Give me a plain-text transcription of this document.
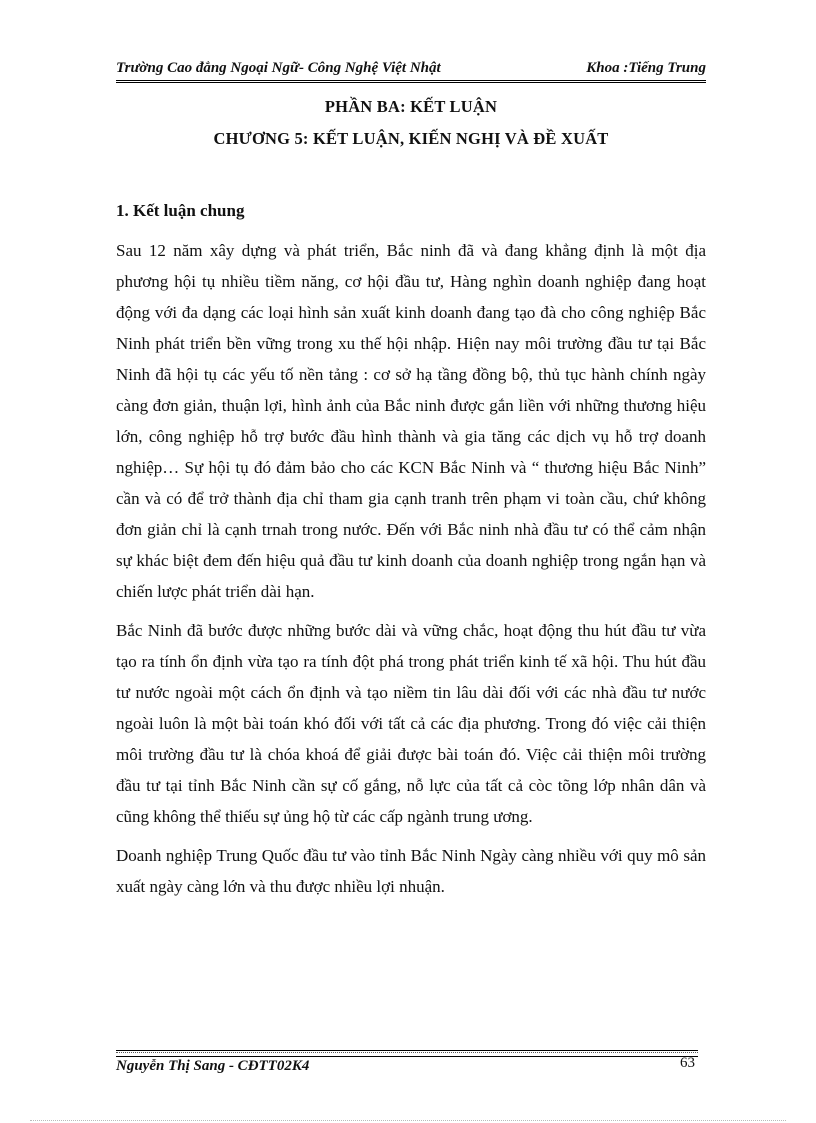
Trường Cao đẳng Ngoại Ngữ- Công Nghệ Việt Nhật	Khoa :Tiếng Trung
PHẦN BA: KẾT LUẬN
CHƯƠNG 5: KẾT LUẬN, KIẾN NGHỊ VÀ ĐỀ XUẤT
1. Kết luận chung

Sau 12 năm xây dựng và phát triển, Bắc ninh đã và đang khẳng định là một địa phương hội tụ nhiều tiềm năng, cơ hội đầu tư, Hàng nghìn doanh nghiệp đang hoạt động với đa dạng các loại hình sản xuất kinh doanh đang tạo đà cho công nghiệp Bắc Ninh phát triển bền vững trong xu thế hội nhập. Hiện nay môi trường đầu tư tại Bắc Ninh đã hội tụ các yếu tố nền tảng : cơ sở hạ tầng đồng bộ, thủ tục hành chính ngày càng đơn giản, thuận lợi, hình ảnh của Bắc ninh được gắn liền với những thương hiệu lớn, công nghiệp hỗ trợ bước đầu hình thành và gia tăng các dịch vụ hỗ trợ doanh nghiệp… Sự hội tụ đó đảm bảo cho các KCN Bắc Ninh và “ thương hiệu Bắc Ninh” cần và có để trở thành địa chỉ tham gia cạnh tranh trên phạm vi toàn cầu, chứ không đơn giản chỉ là cạnh trnah trong nước. Đến với Bắc ninh nhà đầu tư có thể cảm nhận sự khác biệt đem đến hiệu quả đầu tư kinh doanh của doanh nghiệp trong ngắn hạn và chiến lược phát triển dài hạn.

Bắc Ninh đã bước được những bước dài và vững chắc, hoạt động thu hút đầu tư vừa tạo ra tính ổn định vừa tạo ra tính đột phá trong phát triển kinh tế xã hội. Thu hút đầu tư nước ngoài một cách ổn định và tạo niềm tin lâu dài đối với các nhà đầu tư nước ngoài luôn là một bài toán khó đối với tất cả các địa phương. Trong đó việc cải thiện môi trường đầu tư là chóa khoá để giải được bài toán đó. Việc cải thiện môi trường đầu tư tại tỉnh Bắc Ninh cần sự cố gắng, nỗ lực của tất cả còc tõng lớp nhân dân và cũng không thể thiếu sự ủng hộ từ các cấp ngành trung ương.

Doanh nghiệp Trung Quốc đầu tư vào tỉnh Bắc Ninh Ngày càng nhiều với quy mô sản xuất ngày càng lớn và thu được nhiều lợi nhuận.

Nguyễn Thị Sang - CĐTT02K4	63
